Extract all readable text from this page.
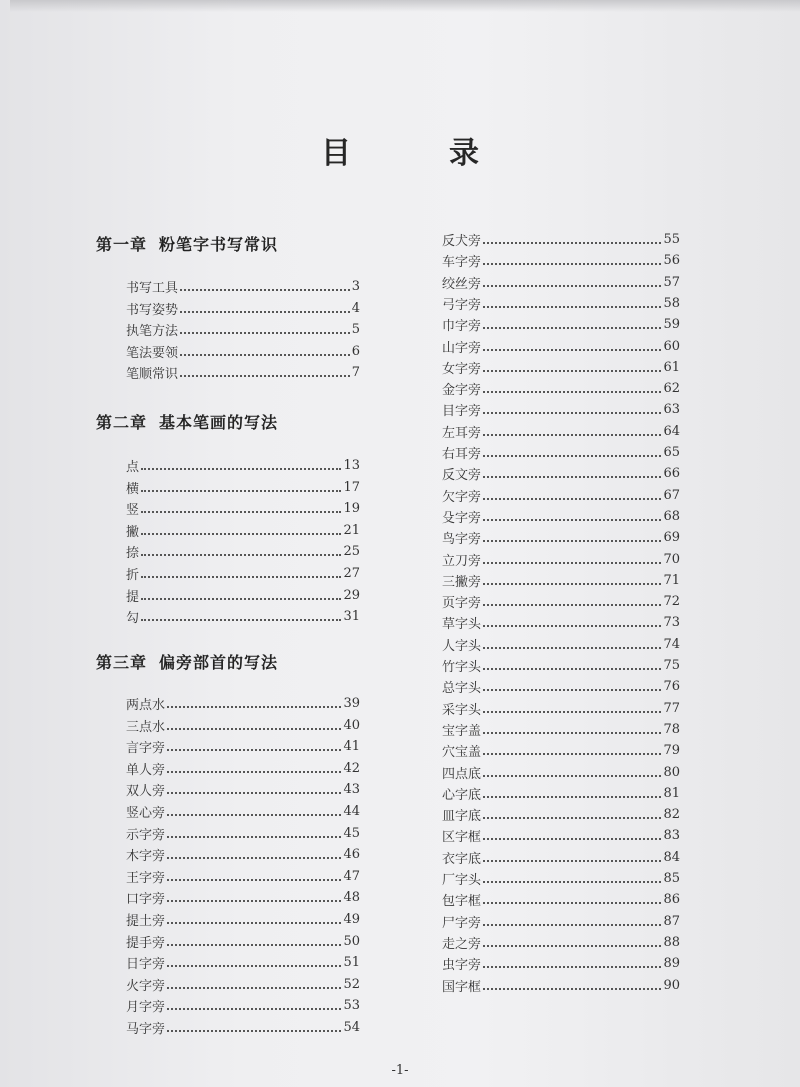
目　录
第一章 粉笔字书写常识
第二章 基本笔画的写法
第三章 偏旁部首的写法
书写工具	3
书写姿势	4
执笔方法	5
笔法要领	6
笔顺常识	7
点	13
横	17
竖	19
撇	21
捺	25
折	27
提	29
勾	31
两点水	39
三点水	40
言字旁	41
单人旁	42
双人旁	43
竖心旁	44
示字旁	45
木字旁	46
王字旁	47
口字旁	48
提土旁	49
提手旁	50
日字旁	51
火字旁	52
月字旁	53
马字旁	54
反犬旁	55
车字旁	56
绞丝旁	57
弓字旁	58
巾字旁	59
山字旁	60
女字旁	61
金字旁	62
目字旁	63
左耳旁	64
右耳旁	65
反文旁	66
欠字旁	67
殳字旁	68
鸟字旁	69
立刀旁	70
三撇旁	71
页字旁	72
草字头	73
人字头	74
竹字头	75
总字头	76
采字头	77
宝字盖	78
穴宝盖	79
四点底	80
心字底	81
皿字底	82
区字框	83
衣字底	84
厂字头	85
包字框	86
尸字旁	87
走之旁	88
虫字旁	89
国字框	90
-1-
